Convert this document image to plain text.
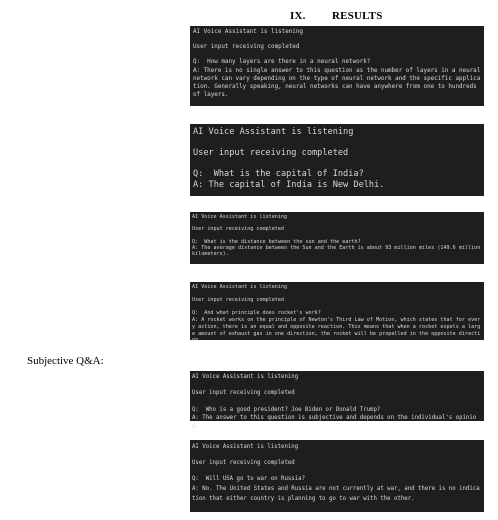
IX. RESULTS
Subjective Q&A:
AI Voice Assistant is listening
User input receiving completed
Q:  How many layers are there in a neural network?
A: There is no single answer to this question as the number of layers in a neural network can vary depending on the type of neural network and the specific application. Generally speaking, neural networks can have anywhere from one to hundreds of layers.
AI Voice Assistant is listening
User input receiving completed
Q:  What is the capital of India?
A: The capital of India is New Delhi.
AI Voice Assistant is listening
User input receiving completed
Q:  What is the distance between the sun and the earth?
A: The average distance between the Sun and the Earth is about 93 million miles (149.6 million kilometers).
AI Voice Assistant is listening
User input receiving completed
Q:  And what principle does rocket's work?
A: A rocket works on the principle of Newton's Third Law of Motion, which states that for every action, there is an equal and opposite reaction. This means that when a rocket expels a large amount of exhaust gas in one direction, the rocket will be propelled in the opposite direction.
AI Voice Assistant is listening
User input receiving completed
Q:  Who is a good president? Joe Biden or Donald Trump?
A: The answer to this question is subjective and depends on the individual's opinion.
AI Voice Assistant is listening
User input receiving completed
Q:  Will USA go to war on Russia?
A: No. The United States and Russia are not currently at war, and there is no indication that either country is planning to go to war with the other.
